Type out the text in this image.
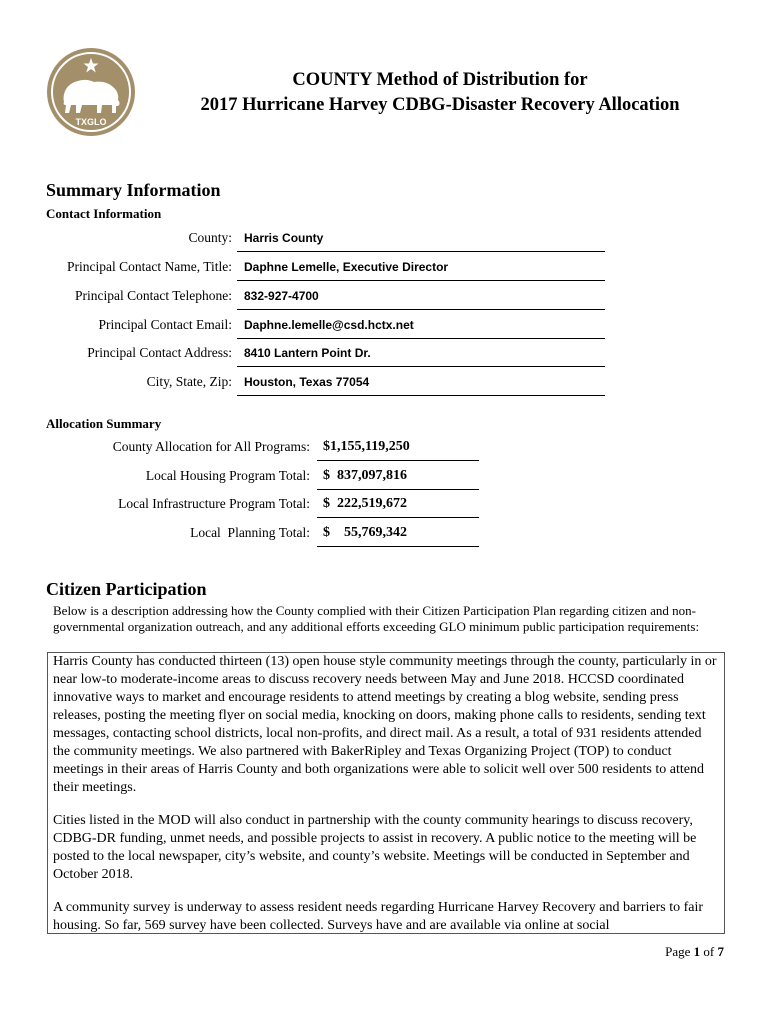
TXGLO
COUNTY Method of Distribution for
2017 Hurricane Harvey CDBG-Disaster Recovery Allocation
Summary Information
Contact Information
County: Harris County
Principal Contact Name, Title: Daphne Lemelle, Executive Director
Principal Contact Telephone: 832-927-4700
Principal Contact Email: Daphne.lemelle@csd.hctx.net
Principal Contact Address: 8410 Lantern Point Dr.
City, State, Zip: Houston, Texas 77054
Allocation Summary
County Allocation for All Programs: $1,155,119,250
Local Housing Program Total: $  837,097,816
Local Infrastructure Program Total: $  222,519,672
Local  Planning Total: $    55,769,342
Citizen Participation
Below is a description addressing how the County complied with their Citizen Participation Plan regarding citizen and non-governmental organization outreach, and any additional efforts exceeding GLO minimum public participation requirements:

Harris County has conducted thirteen (13) open house style community meetings through the county, particularly in or near low-to moderate-income areas to discuss recovery needs between May and June 2018. HCCSD coordinated innovative ways to market and encourage residents to attend meetings by creating a blog website, sending press releases, posting the meeting flyer on social media, knocking on doors, making phone calls to residents, sending text messages, contacting school districts, local non-profits, and direct mail. As a result, a total of 931 residents attended the community meetings. We also partnered with BakerRipley and Texas Organizing Project (TOP) to conduct meetings in their areas of Harris County and both organizations were able to solicit well over 500 residents to attend their meetings.

Cities listed in the MOD will also conduct in partnership with the county community hearings to discuss recovery, CDBG-DR funding, unmet needs, and possible projects to assist in recovery. A public notice to the meeting will be posted to the local newspaper, city’s website, and county’s website. Meetings will be conducted in September and October 2018.

A community survey is underway to assess resident needs regarding Hurricane Harvey Recovery and barriers to fair housing. So far, 569 survey have been collected. Surveys have and are available via online at social

Page 1 of 7
